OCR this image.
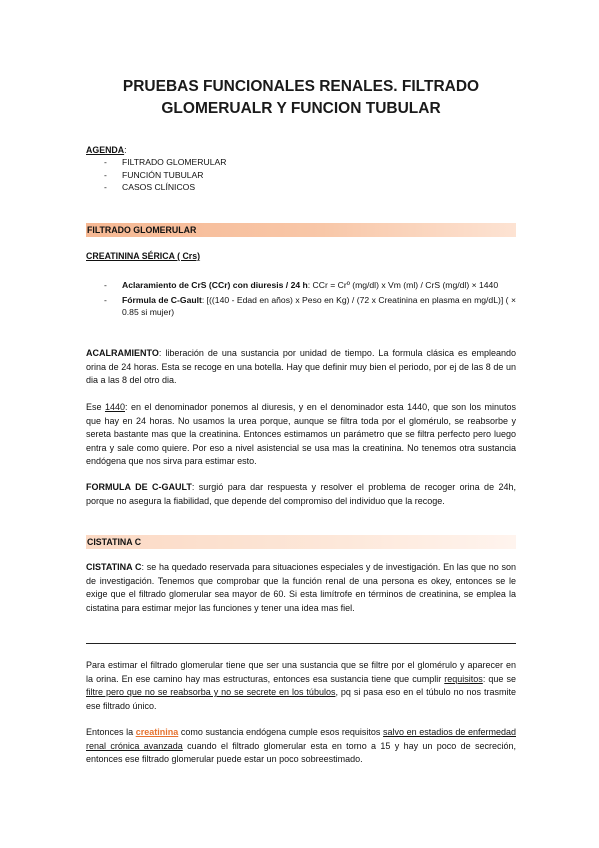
PRUEBAS FUNCIONALES RENALES. FILTRADO
GLOMERUALR Y FUNCION TUBULAR
AGENDA:
- FILTRADO GLOMERULAR
- FUNCIÓN TUBULAR
- CASOS CLÍNICOS
FILTRADO GLOMERULAR
CREATININA SÉRICA ( Crs)
- Aclaramiento de CrS (CCr) con diuresis / 24 h: CCr = Crº (mg/dl) x Vm (ml) / CrS (mg/dl) × 1440
- Fórmula de C-Gault: [((140 - Edad en años) x Peso en Kg) / (72 x Creatinina en plasma en mg/dL)] ( × 0.85 si mujer)
ACALRAMIENTO: liberación de una sustancia por unidad de tiempo. La formula clásica es empleando orina de 24 horas. Esta se recoge en una botella. Hay que definir muy bien el periodo, por ej de las 8 de un dia a las 8 del otro dia.
Ese 1440: en el denominador ponemos al diuresis, y en el denominador esta 1440, que son los minutos que hay en 24 horas. No usamos la urea porque, aunque se filtra toda por el glomérulo, se reabsorbe y sereta bastante mas que la creatinina. Entonces estimamos un parámetro que se filtra perfecto pero luego entra y sale como quiere. Por eso a nivel asistencial se usa mas la creatinina. No tenemos otra sustancia endógena que nos sirva para estimar esto.
FORMULA DE C-GAULT: surgió para dar respuesta y resolver el problema de recoger orina de 24h, porque no asegura la fiabilidad, que depende del compromiso del individuo que la recoge.
CISTATINA C
CISTATINA C: se ha quedado reservada para situaciones especiales y de investigación. En las que no son de investigación. Tenemos que comprobar que la función renal de una persona es okey, entonces se le exige que el filtrado glomerular sea mayor de 60. Si esta limítrofe en términos de creatinina, se emplea la cistatina para estimar mejor las funciones y tener una idea mas fiel.
Para estimar el filtrado glomerular tiene que ser una sustancia que se filtre por el glomérulo y aparecer en la orina. En ese camino hay mas estructuras, entonces esa sustancia tiene que cumplir requisitos: que se filtre pero que no se reabsorba y no se secrete en los túbulos, pq si pasa eso en el túbulo no nos trasmite ese filtrado único.
Entonces la creatinina como sustancia endógena cumple esos requisitos salvo en estadios de enfermedad renal crónica avanzada cuando el filtrado glomerular esta en torno a 15 y hay un poco de secreción, entonces ese filtrado glomerular puede estar un poco sobreestimado.
